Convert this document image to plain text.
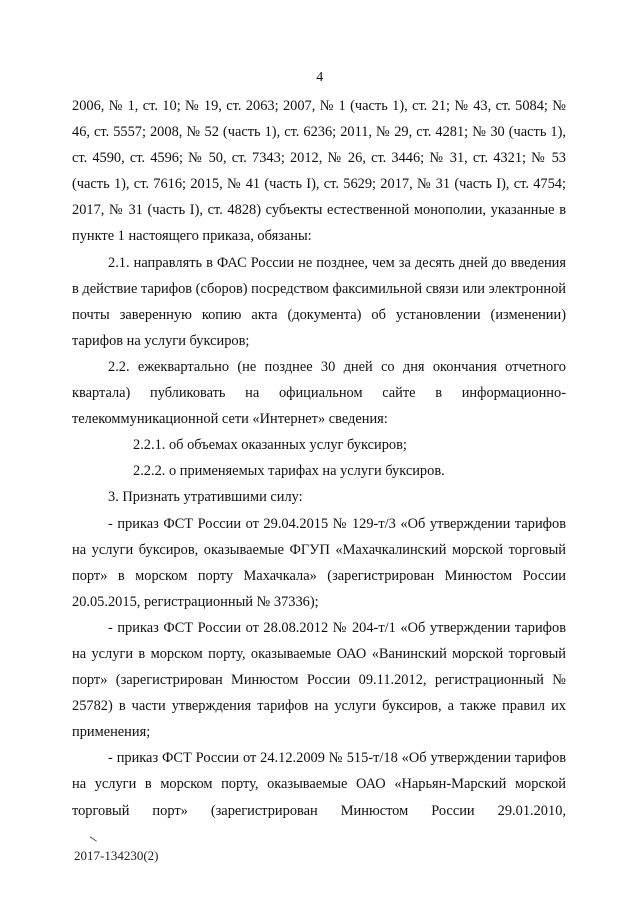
4

2006, № 1, ст. 10; № 19, ст. 2063; 2007, № 1 (часть 1), ст. 21; № 43, ст. 5084; № 46, ст. 5557; 2008, № 52 (часть 1), ст. 6236; 2011, № 29, ст. 4281; № 30 (часть 1), ст. 4590, ст. 4596; № 50, ст. 7343; 2012, № 26, ст. 3446; № 31, ст. 4321; № 53 (часть 1), ст. 7616; 2015, № 41 (часть I), ст. 5629; 2017, № 31 (часть I), ст. 4754; 2017, № 31 (часть I), ст. 4828) субъекты естественной монополии, указанные в пункте 1 настоящего приказа, обязаны:

2.1. направлять в ФАС России не позднее, чем за десять дней до введения в действие тарифов (сборов) посредством факсимильной связи или электронной почты заверенную копию акта (документа) об установлении (изменении) тарифов на услуги буксиров;

2.2. ежеквартально (не позднее 30 дней со дня окончания отчетного квартала) публиковать на официальном сайте в информационно-телекоммуникационной сети «Интернет» сведения:

2.2.1. об объемах оказанных услуг буксиров;

2.2.2. о применяемых тарифах на услуги буксиров.

3. Признать утратившими силу:

- приказ ФСТ России от 29.04.2015 № 129-т/3 «Об утверждении тарифов на услуги буксиров, оказываемые ФГУП «Махачкалинский морской торговый порт» в морском порту Махачкала» (зарегистрирован Минюстом России 20.05.2015, регистрационный № 37336);

- приказ ФСТ России от 28.08.2012 № 204-т/1 «Об утверждении тарифов на услуги в морском порту, оказываемые ОАО «Ванинский морской торговый порт» (зарегистрирован Минюстом России 09.11.2012, регистрационный № 25782) в части утверждения тарифов на услуги буксиров, а также правил их применения;

- приказ ФСТ России от 24.12.2009 № 515-т/18 «Об утверждении тарифов на услуги в морском порту, оказываемые ОАО «Нарьян-Марский морской торговый порт» (зарегистрирован Минюстом России 29.01.2010,

2017-134230(2)
